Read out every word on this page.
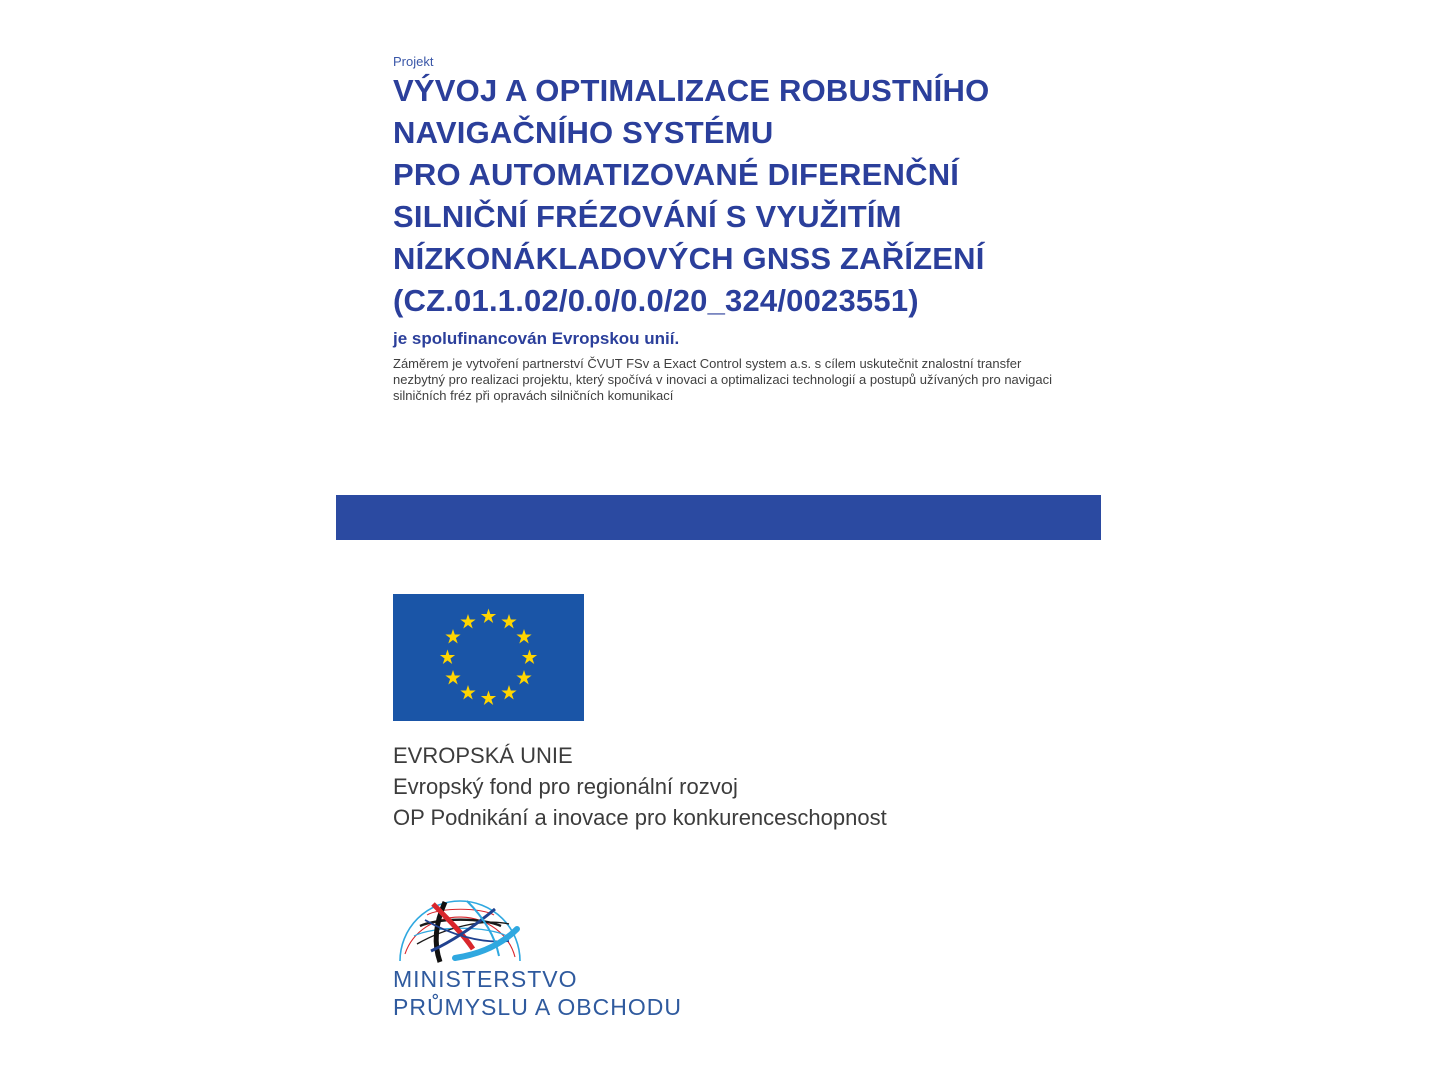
Projekt
VÝVOJ A OPTIMALIZACE ROBUSTNÍHO
NAVIGAČNÍHO SYSTÉMU
PRO AUTOMATIZOVANÉ DIFERENČNÍ
SILNIČNÍ FRÉZOVÁNÍ S VYUŽITÍM
NÍZKONÁKLADOVÝCH GNSS ZAŘÍZENÍ
(CZ.01.1.02/0.0/0.0/20_324/0023551)
je spolufinancován Evropskou unií.
Záměrem je vytvoření partnerství ČVUT FSv a Exact Control system a.s. s cílem uskutečnit znalostní transfer
nezbytný pro realizaci projektu, který spočívá v inovaci a optimalizaci technologií a postupů užívaných pro navigaci
silničních fréz při opravách silničních komunikací
EVROPSKÁ UNIE
Evropský fond pro regionální rozvoj
OP Podnikání a inovace pro konkurenceschopnost
MINISTERSTVO
PRŮMYSLU A OBCHODU
